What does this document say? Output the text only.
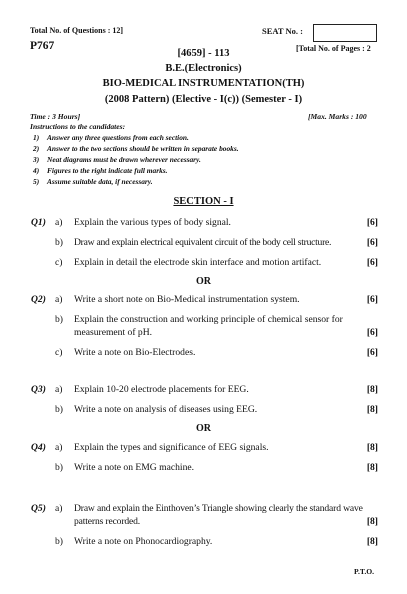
Total No. of Questions : 12]	SEAT No. :
P767	[Total No. of Pages : 2
[4659] - 113
B.E.(Electronics)
BIO-MEDICAL INSTRUMENTATION(TH)
(2008 Pattern) (Elective - I(c)) (Semester - I)
Time : 3 Hours]	[Max. Marks : 100
Instructions to the candidates:
1) Answer any three questions from each section.
2) Answer to the two sections should be written in separate books.
3) Neat diagrams must be drawn wherever necessary.
4) Figures to the right indicate full marks.
5) Assume suitable data, if necessary.
SECTION - I
Q1) a) Explain the various types of body signal.	[6]
b) Draw and explain electrical equivalent circuit of the body cell structure.	[6]
c) Explain in detail the electrode skin interface and motion artifact.	[6]
OR
Q2) a) Write a short note on Bio-Medical instrumentation system.	[6]
b) Explain the construction and working principle of chemical sensor for measurement of pH.	[6]
c) Write a note on Bio-Electrodes.	[6]
Q3) a) Explain 10-20 electrode placements for EEG.	[8]
b) Write a note on analysis of diseases using EEG.	[8]
OR
Q4) a) Explain the types and significance of EEG signals.	[8]
b) Write a note on EMG machine.	[8]
Q5) a) Draw and explain the Einthoven’s Triangle showing clearly the standard wave patterns recorded.	[8]
b) Write a note on Phonocardiography.	[8]
P.T.O.
